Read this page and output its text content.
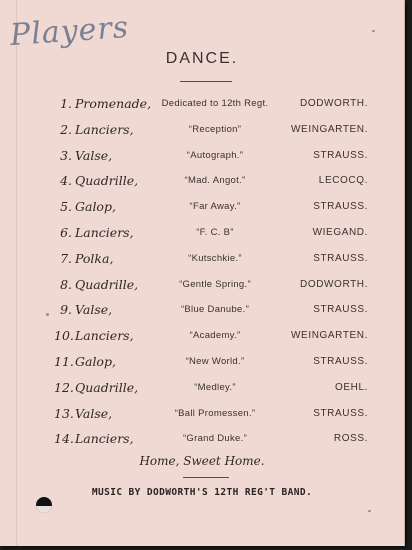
Players
DANCE.
1. Promenade,	Dedicated to 12th Regt.	DODWORTH.
2. Lanciers,	“Reception”	WEINGARTEN.
3. Valse,	“Autograph.”	STRAUSS.
4. Quadrille,	“Mad. Angot.”	LECOCQ.
5. Galop,	“Far Away.”	STRAUSS.
6. Lanciers,	“F. C. B”	WIEGAND.
7. Polka,	“Kutschkie.”	STRAUSS.
8. Quadrille,	“Gentle Spring.”	DODWORTH.
9. Valse,	“Blue Danube.”	STRAUSS.
10.Lanciers,	“Academy.”	WEINGARTEN.
11.Galop,	“New World.”	STRAUSS.
12.Quadrille,	“Medley.”	OEHL.
13.Valse,	“Ball Promessen.”	STRAUSS.
14.Lanciers,	“Grand Duke.”	ROSS.
Home, Sweet Home.
MUSIC BY DODWORTH'S 12TH REG'T BAND.
